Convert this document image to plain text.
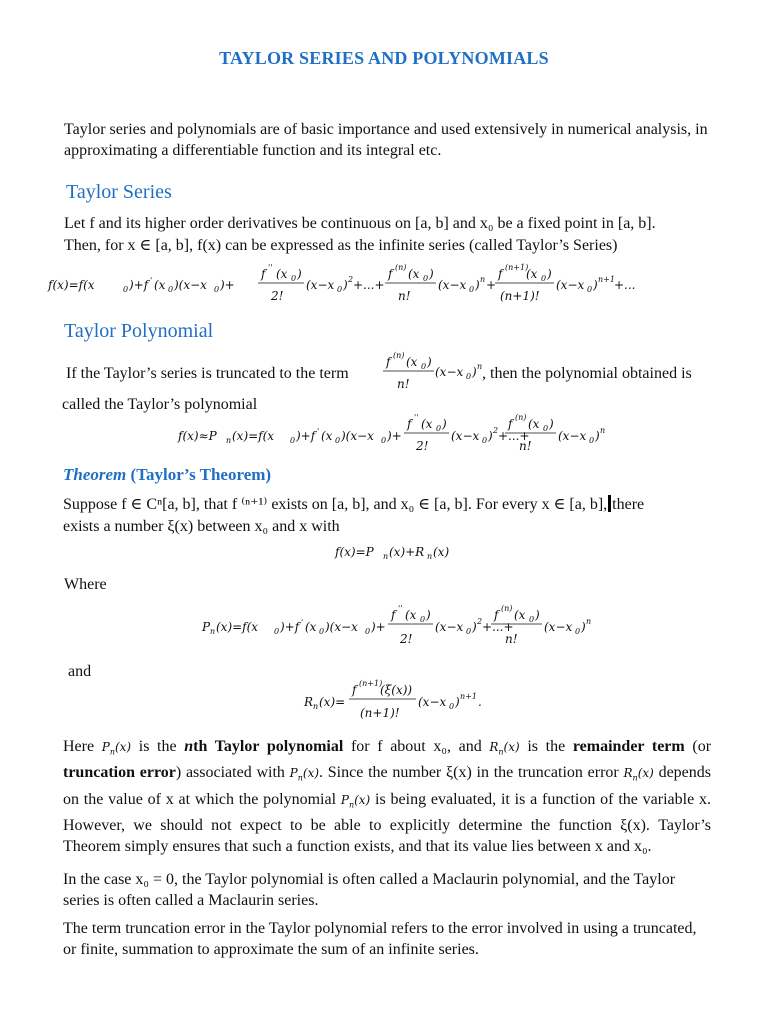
TAYLOR SERIES AND POLYNOMIALS
Taylor series and polynomials are of basic importance and used extensively in numerical analysis, in approximating a differentiable function and its integral etc.
Taylor Series
Let f and its higher order derivatives be continuous on [a, b] and x₀ be a fixed point in [a, b].
Then, for x ∈ [a, b], f(x) can be expressed as the infinite series (called Taylor’s Series)
f(x)=f(x	0 )+f ' (x 0 )(x−x 0 )+
f '' (x 0 )
2!
(x−x 0 ) 2 +...+
f (n) (x 0 )
n!
(x−x 0 ) n +
f (n+1)
(x 0 )
(n+1)!
(x−x 0 ) n+1 +...
Taylor Polynomial
If the Taylor’s series is truncated to the term
f (n) (x 0 )
n!
(x−x 0 ) n , then the polynomial obtained is
called the Taylor’s polynomial
f(x)≈P n (x)=f(x 0 )+f ' (x 0 )(x−x 0 )+
f '' (x 0 )
2!
(x−x 0 ) 2 +...+
f (n) (x 0 )
n!
(x−x 0 ) n
Theorem (Taylor’s Theorem)
Suppose f ∈ Cⁿ[a, b], that f ⁽ⁿ⁺¹⁾ exists on [a, b], and x₀ ∈ [a, b]. For every x ∈ [a, b], there
exists a number ξ(x) between x₀ and x with
f(x)=P n (x)+R n (x)
Where
P n (x)=f(x 0 )+f ' (x 0 )(x−x 0 )+
f '' (x 0 )
2!
(x−x 0 ) 2 +...+
f (n) (x 0 )
n!
(x−x 0 ) n
and
R n (x)=
f (n+1)
(ξ(x))
(n+1)!
(x−x 0 ) n+1 .
Here $P_n(x)$ is the nth Taylor polynomial for f about x₀, and $R_n(x)$ is the remainder term (or truncation error) associated with $P_n(x)$. Since the number ξ(x) in the truncation error $R_n(x)$ depends on the value of x at which the polynomial $P_n(x)$ is being evaluated, it is a function of the variable x. However, we should not expect to be able to explicitly determine the function ξ(x). Taylor’s Theorem simply ensures that such a function exists, and that its value lies between x and x₀.
In the case x₀ = 0, the Taylor polynomial is often called a Maclaurin polynomial, and the Taylor series is often called a Maclaurin series.
The term truncation error in the Taylor polynomial refers to the error involved in using a truncated, or finite, summation to approximate the sum of an infinite series.
